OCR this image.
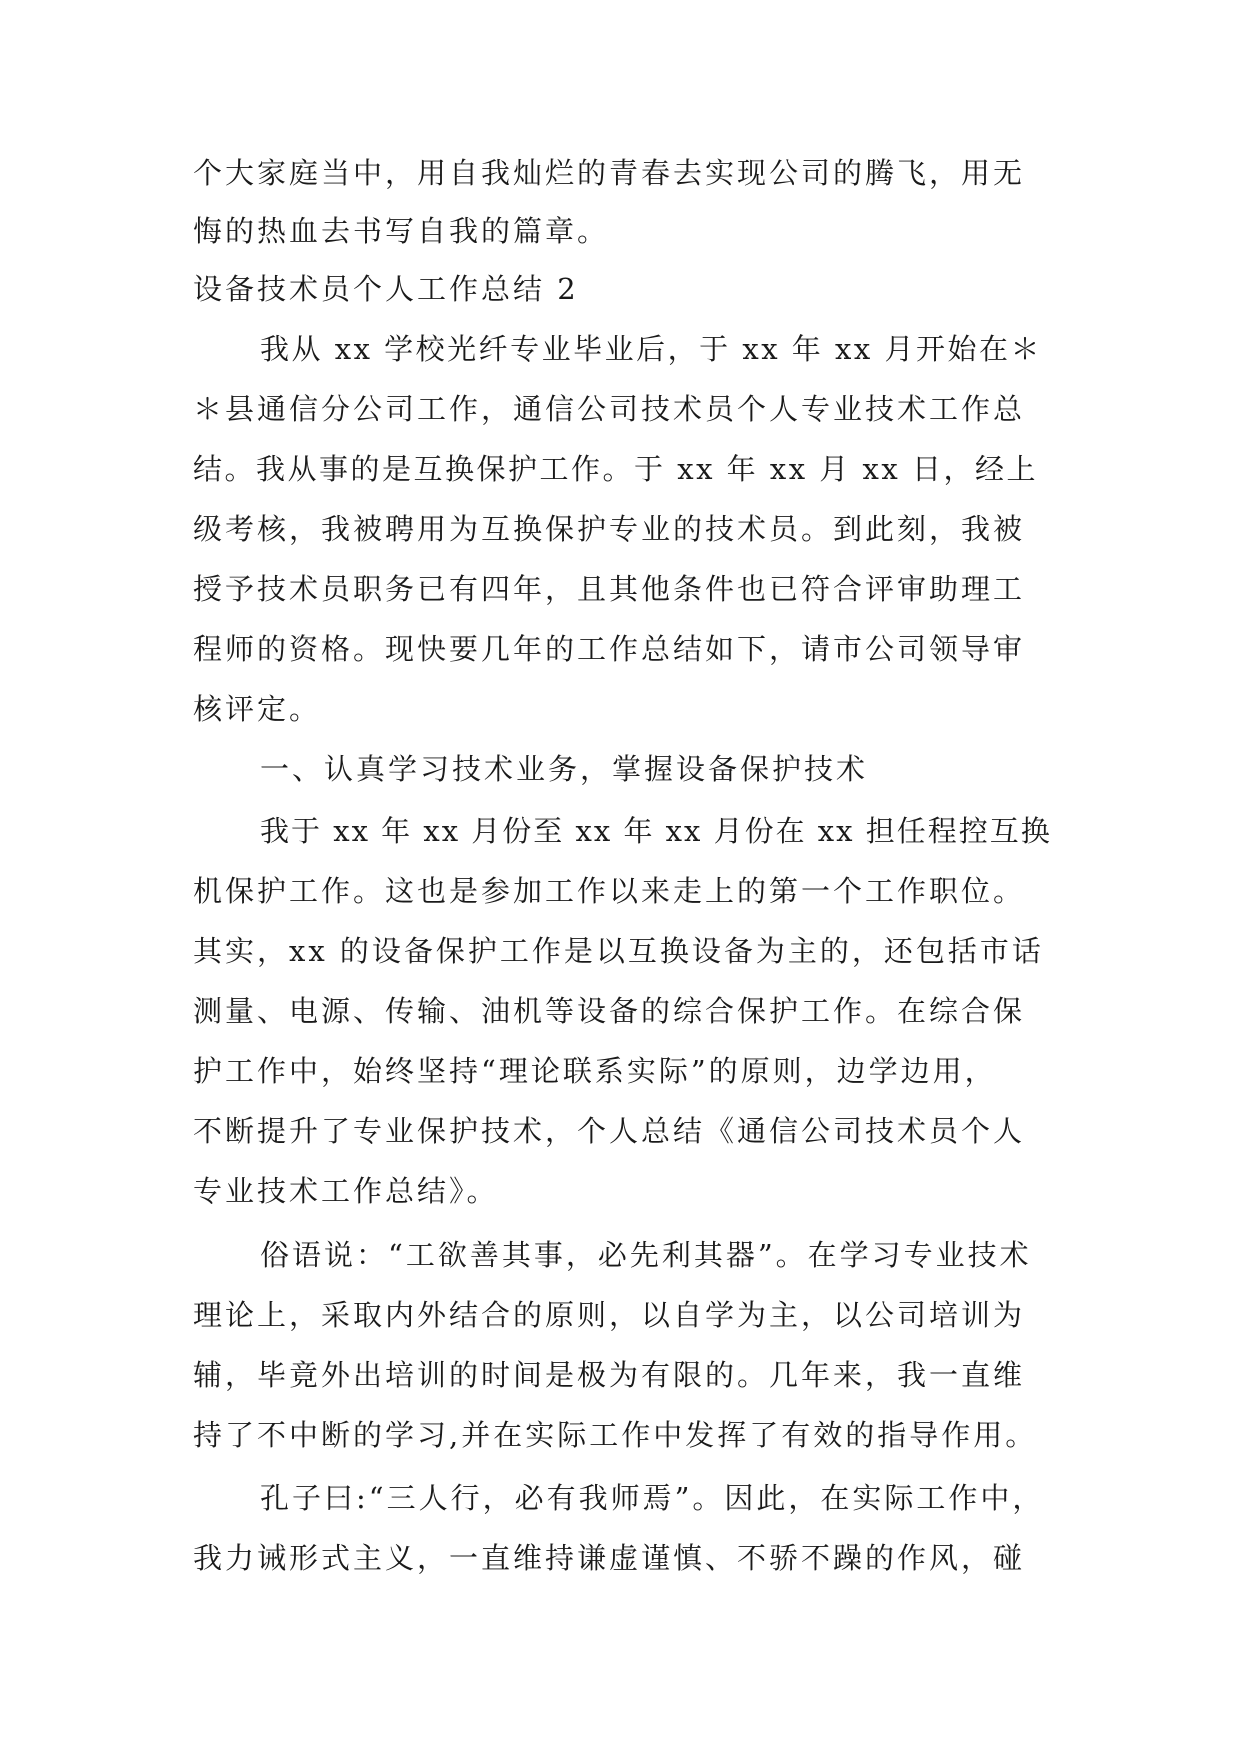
个大家庭当中，用自我灿烂的青春去实现公司的腾飞，用无

悔的热血去书写自我的篇章。

设备技术员个人工作总结 2

我从 xx 学校光纤专业毕业后，于 xx 年 xx 月开始在＊

＊县通信分公司工作，通信公司技术员个人专业技术工作总

结。我从事的是互换保护工作。于 xx 年 xx 月 xx 日，经上

级考核，我被聘用为互换保护专业的技术员。到此刻，我被

授予技术员职务已有四年，且其他条件也已符合评审助理工

程师的资格。现快要几年的工作总结如下，请市公司领导审

核评定。

一、认真学习技术业务，掌握设备保护技术

我于 xx 年 xx 月份至 xx 年 xx 月份在 xx 担任程控互换

机保护工作。这也是参加工作以来走上的第一个工作职位。

其实，xx 的设备保护工作是以互换设备为主的，还包括市话

测量、电源、传输、油机等设备的综合保护工作。在综合保

护工作中，始终坚持“理论联系实际”的原则，边学边用，

不断提升了专业保护技术，个人总结《通信公司技术员个人

专业技术工作总结》。

俗语说：“工欲善其事，必先利其器”。在学习专业技术

理论上，采取内外结合的原则，以自学为主，以公司培训为

辅，毕竟外出培训的时间是极为有限的。几年来，我一直维

持了不中断的学习,并在实际工作中发挥了有效的指导作用。

孔子曰:“三人行，必有我师焉”。因此，在实际工作中，

我力诫形式主义，一直维持谦虚谨慎、不骄不躁的作风，碰
